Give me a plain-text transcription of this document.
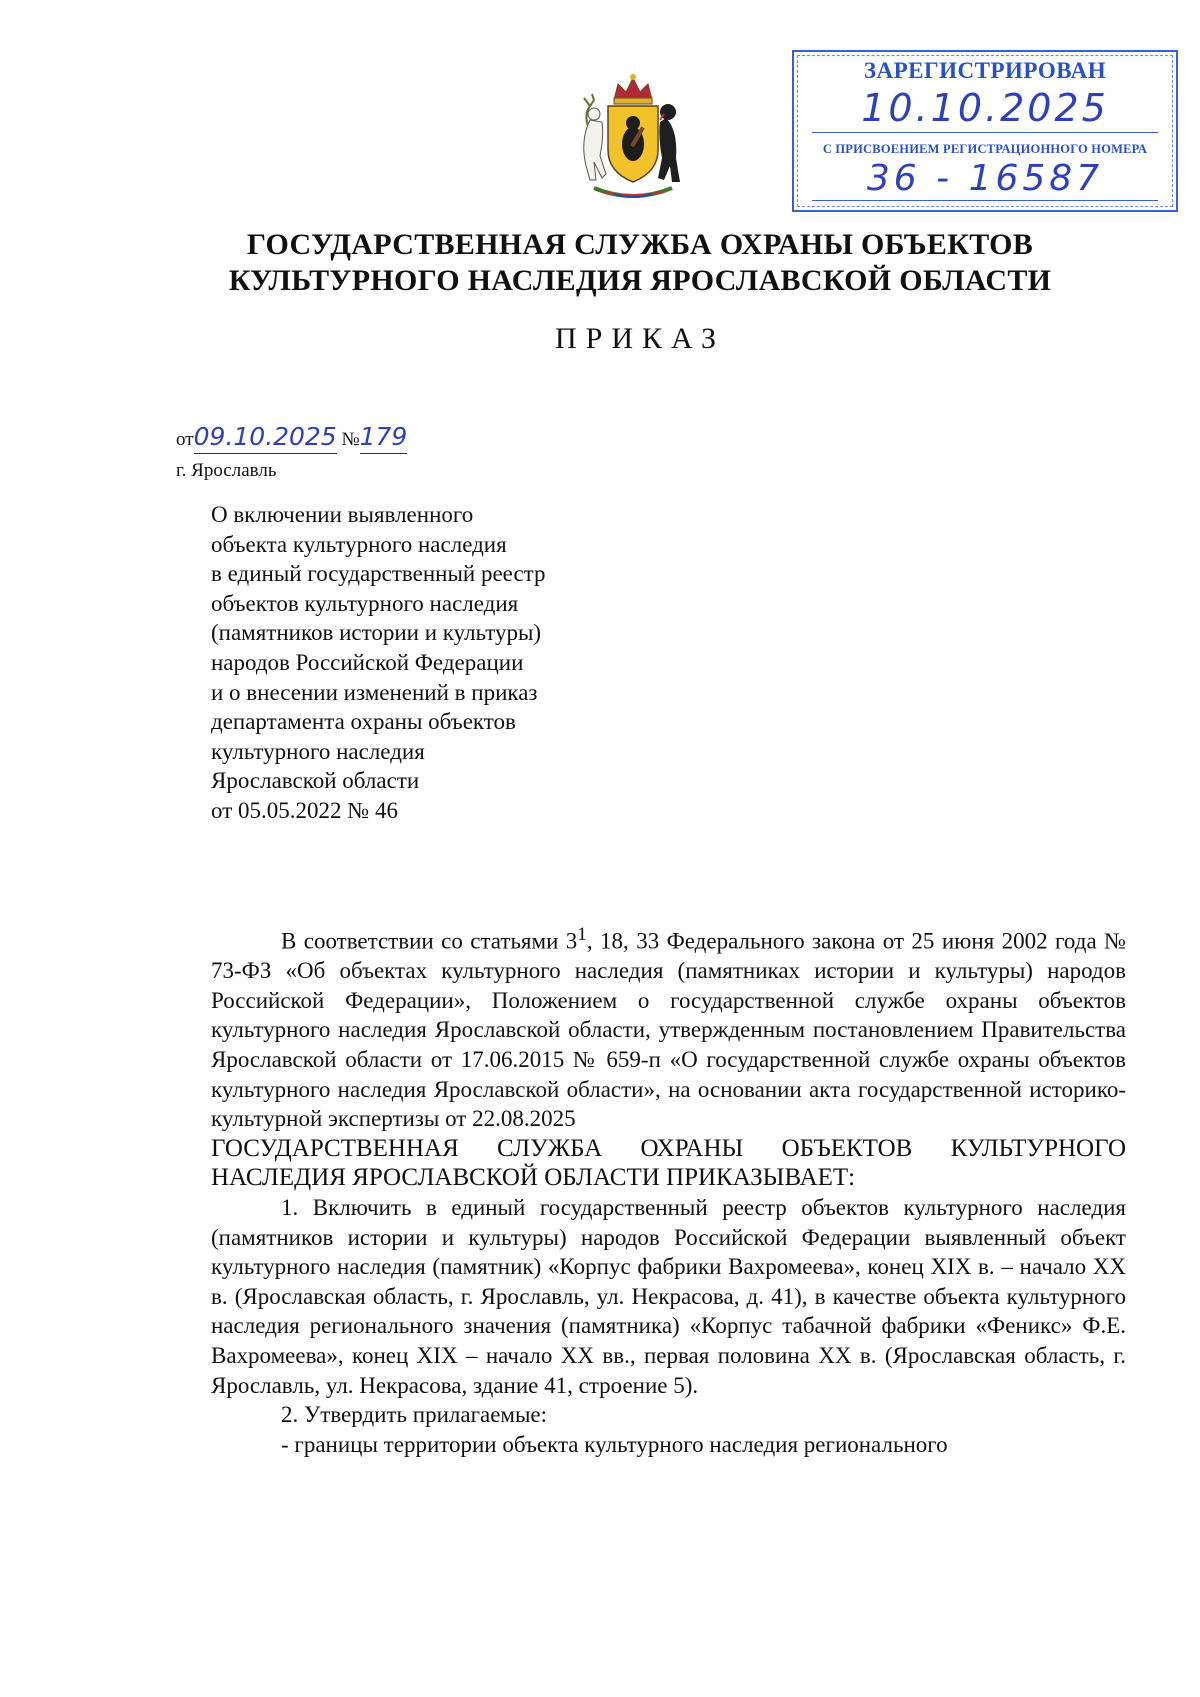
ЗАРЕГИСТРИРОВАН
10.10.2025
С ПРИСВОЕНИЕМ РЕГИСТРАЦИОННОГО НОМЕРА
36 - 16587
ГОСУДАРСТВЕННАЯ СЛУЖБА ОХРАНЫ ОБЪЕКТОВ
КУЛЬТУРНОГО НАСЛЕДИЯ ЯРОСЛАВСКОЙ ОБЛАСТИ
ПРИКАЗ
от09.10.2025 №179
г. Ярославль
О включении выявленного
объекта культурного наследия
в единый государственный реестр
объектов культурного наследия
(памятников истории и культуры)
народов Российской Федерации
и о внесении изменений в приказ
департамента охраны объектов
культурного наследия
Ярославской области
от 05.05.2022 № 46

В соответствии со статьями $3^1$, 18, 33 Федерального закона от 25 июня 2002 года № 73-ФЗ «Об объектах культурного наследия (памятниках истории и культуры) народов Российской Федерации», Положением о государственной службе охраны объектов культурного наследия Ярославской области, утвержденным постановлением Правительства Ярославской области от 17.06.2015 № 659-п «О государственной службе охраны объектов культурного наследия Ярославской области», на основании акта государственной историко-культурной экспертизы от 22.08.2025

ГОСУДАРСТВЕННАЯ СЛУЖБА ОХРАНЫ ОБЪЕКТОВ КУЛЬТУРНОГО НАСЛЕДИЯ ЯРОСЛАВСКОЙ ОБЛАСТИ ПРИКАЗЫВАЕТ:

1. Включить в единый государственный реестр объектов культурного наследия (памятников истории и культуры) народов Российской Федерации выявленный объект культурного наследия (памятник) «Корпус фабрики Вахромеева», конец XIX в. – начало XX в. (Ярославская область, г. Ярославль, ул. Некрасова, д. 41), в качестве объекта культурного наследия регионального значения (памятника) «Корпус табачной фабрики «Феникс» Ф.Е. Вахромеева», конец XIX – начало XX вв., первая половина XX в. (Ярославская область, г. Ярославль, ул. Некрасова, здание 41, строение 5).

2. Утвердить прилагаемые:

- границы территории объекта культурного наследия регионального
